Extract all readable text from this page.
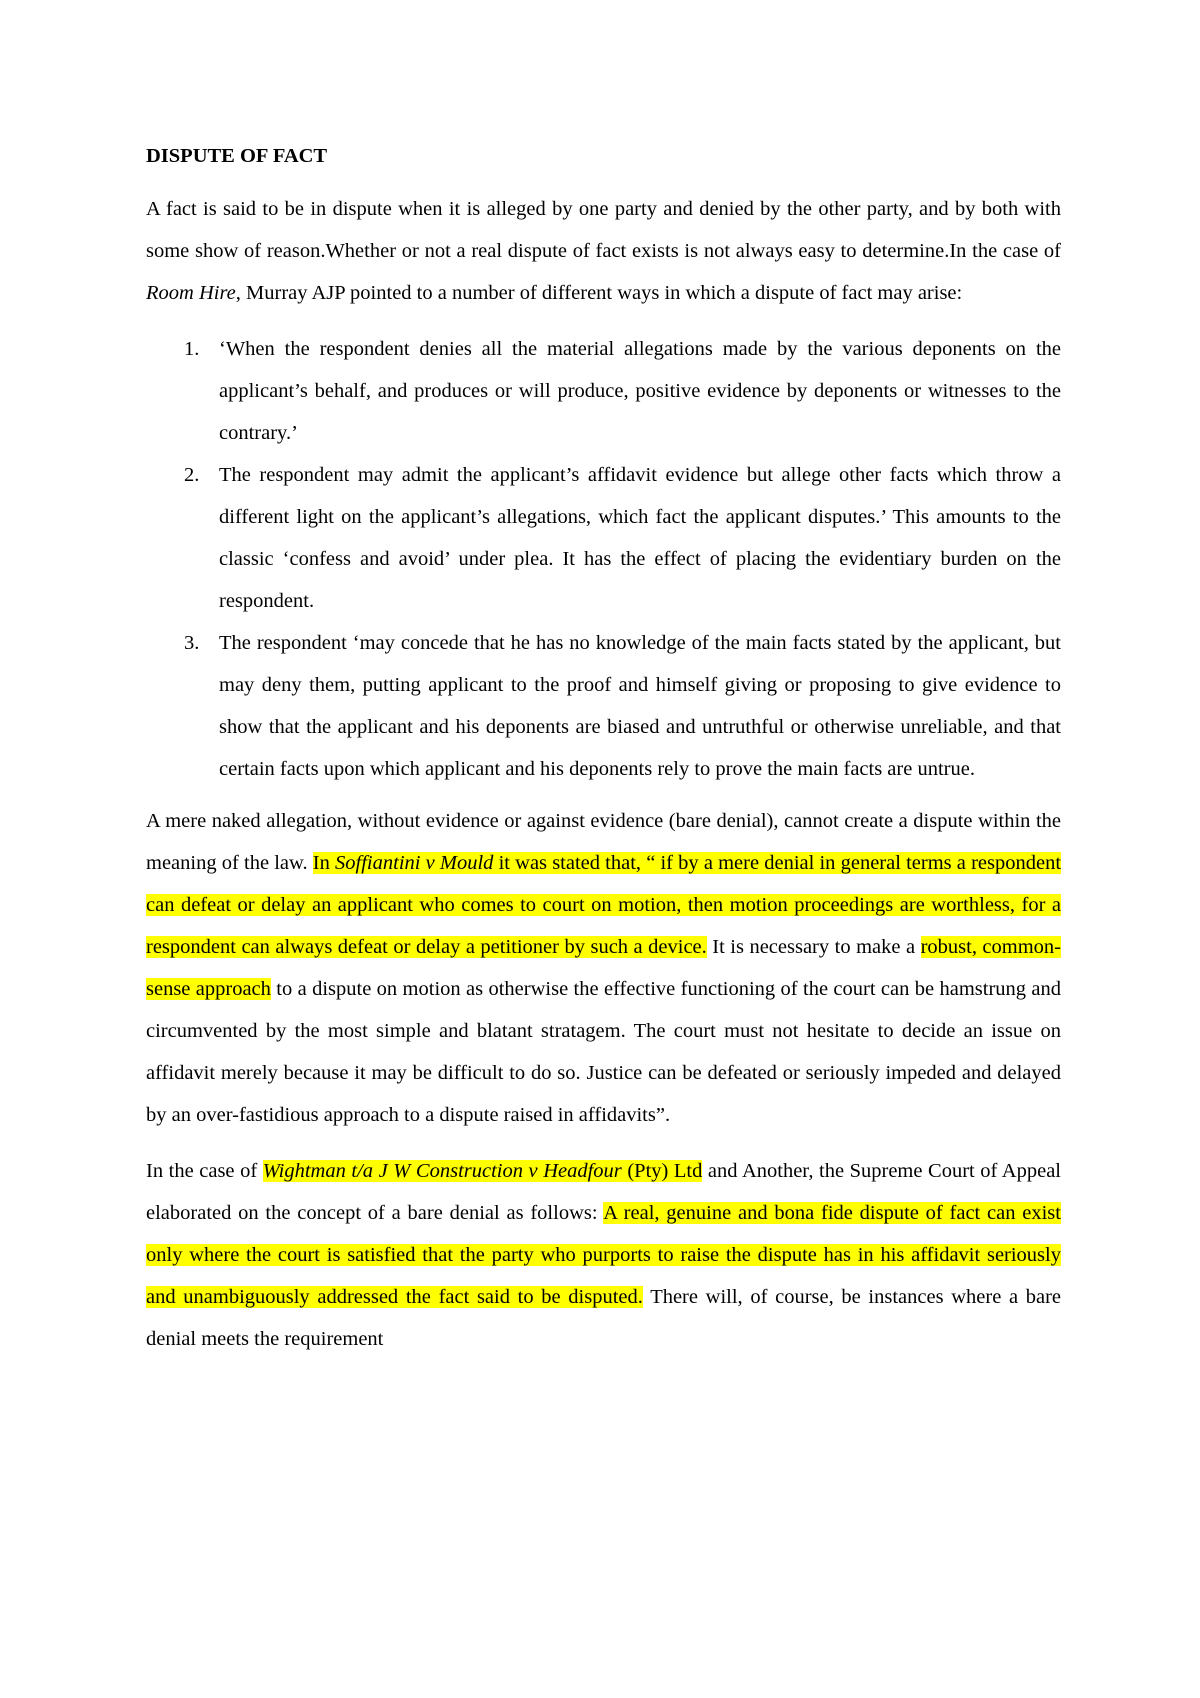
DISPUTE OF FACT

A fact is said to be in dispute when it is alleged by one party and denied by the other party, and by both with some show of reason.Whether or not a real dispute of fact exists is not always easy to determine.In the case of Room Hire, Murray AJP pointed to a number of different ways in which a dispute of fact may arise:

1. ‘When the respondent denies all the material allegations made by the various deponents on the applicant’s behalf, and produces or will produce, positive evidence by deponents or witnesses to the contrary.’
2. The respondent may admit the applicant’s affidavit evidence but allege other facts which throw a different light on the applicant’s allegations, which fact the applicant disputes.’ This amounts to the classic ‘confess and avoid’ under plea. It has the effect of placing the evidentiary burden on the respondent.
3. The respondent ‘may concede that he has no knowledge of the main facts stated by the applicant, but may deny them, putting applicant to the proof and himself giving or proposing to give evidence to show that the applicant and his deponents are biased and untruthful or otherwise unreliable, and that certain facts upon which applicant and his deponents rely to prove the main facts are untrue.

A mere naked allegation, without evidence or against evidence (bare denial), cannot create a dispute within the meaning of the law. In Soffiantini v Mould it was stated that, “ if by a mere denial in general terms a respondent can defeat or delay an applicant who comes to court on motion, then motion proceedings are worthless, for a respondent can always defeat or delay a petitioner by such a device. It is necessary to make a robust, common-sense approach to a dispute on motion as otherwise the effective functioning of the court can be hamstrung and circumvented by the most simple and blatant stratagem. The court must not hesitate to decide an issue on affidavit merely because it may be difficult to do so. Justice can be defeated or seriously impeded and delayed by an over-fastidious approach to a dispute raised in affidavits”.

In the case of Wightman t/a J W Construction v Headfour (Pty) Ltd and Another, the Supreme Court of Appeal elaborated on the concept of a bare denial as follows: A real, genuine and bona fide dispute of fact can exist only where the court is satisfied that the party who purports to raise the dispute has in his affidavit seriously and unambiguously addressed the fact said to be disputed. There will, of course, be instances where a bare denial meets the requirement
